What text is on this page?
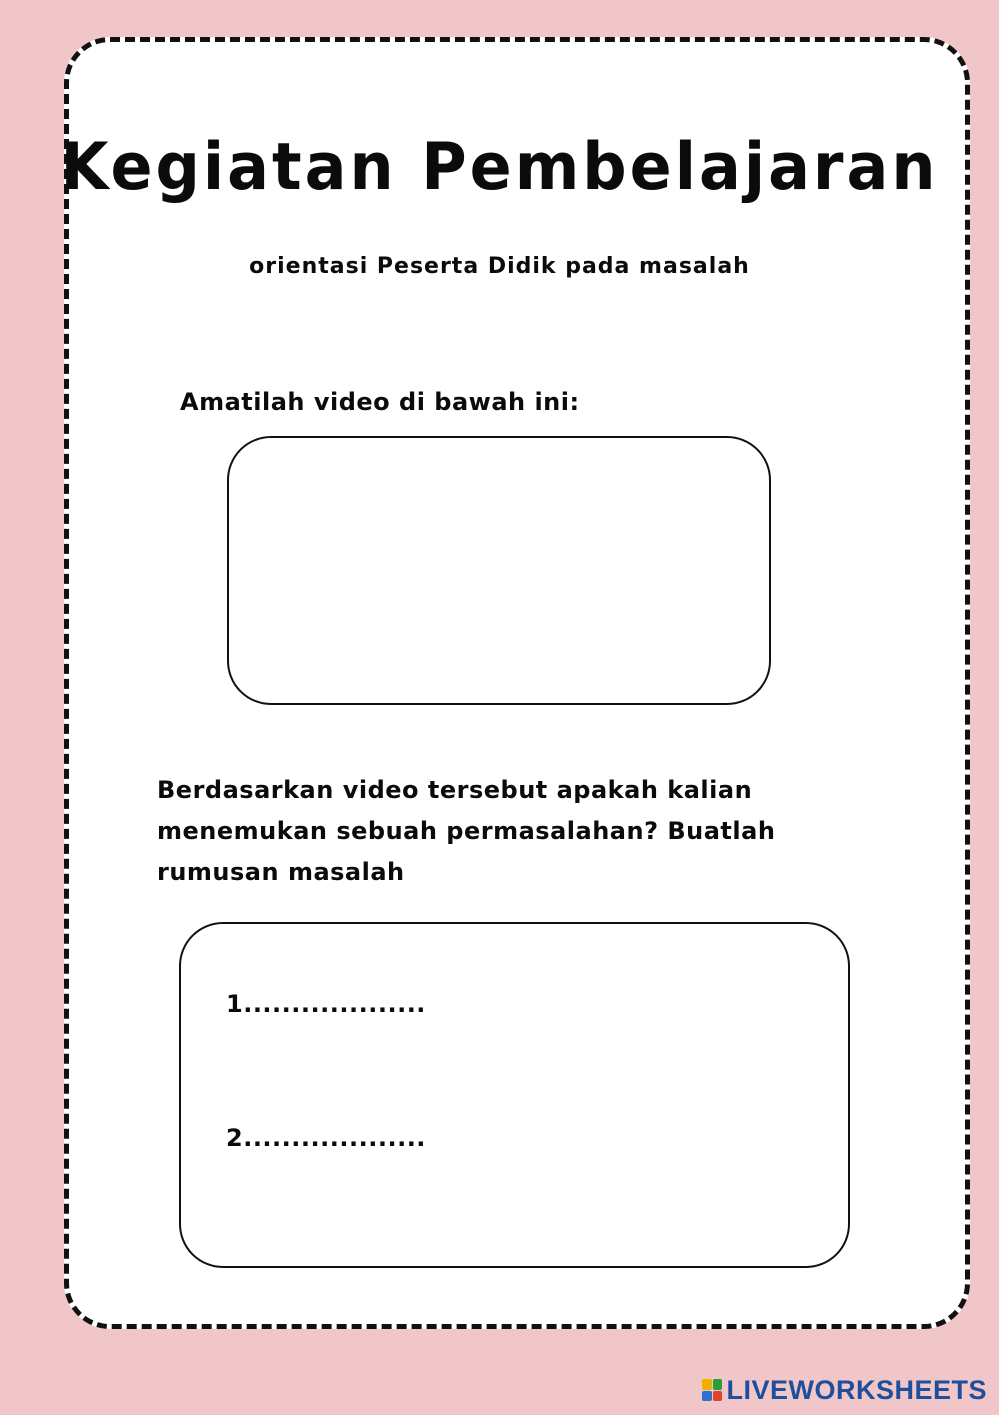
Kegiatan Pembelajaran
orientasi Peserta Didik pada masalah
Amatilah video di bawah ini:
Berdasarkan video tersebut apakah kalian menemukan sebuah permasalahan? Buatlah rumusan masalah
1...................
2...................
LIVEWORKSHEETS
